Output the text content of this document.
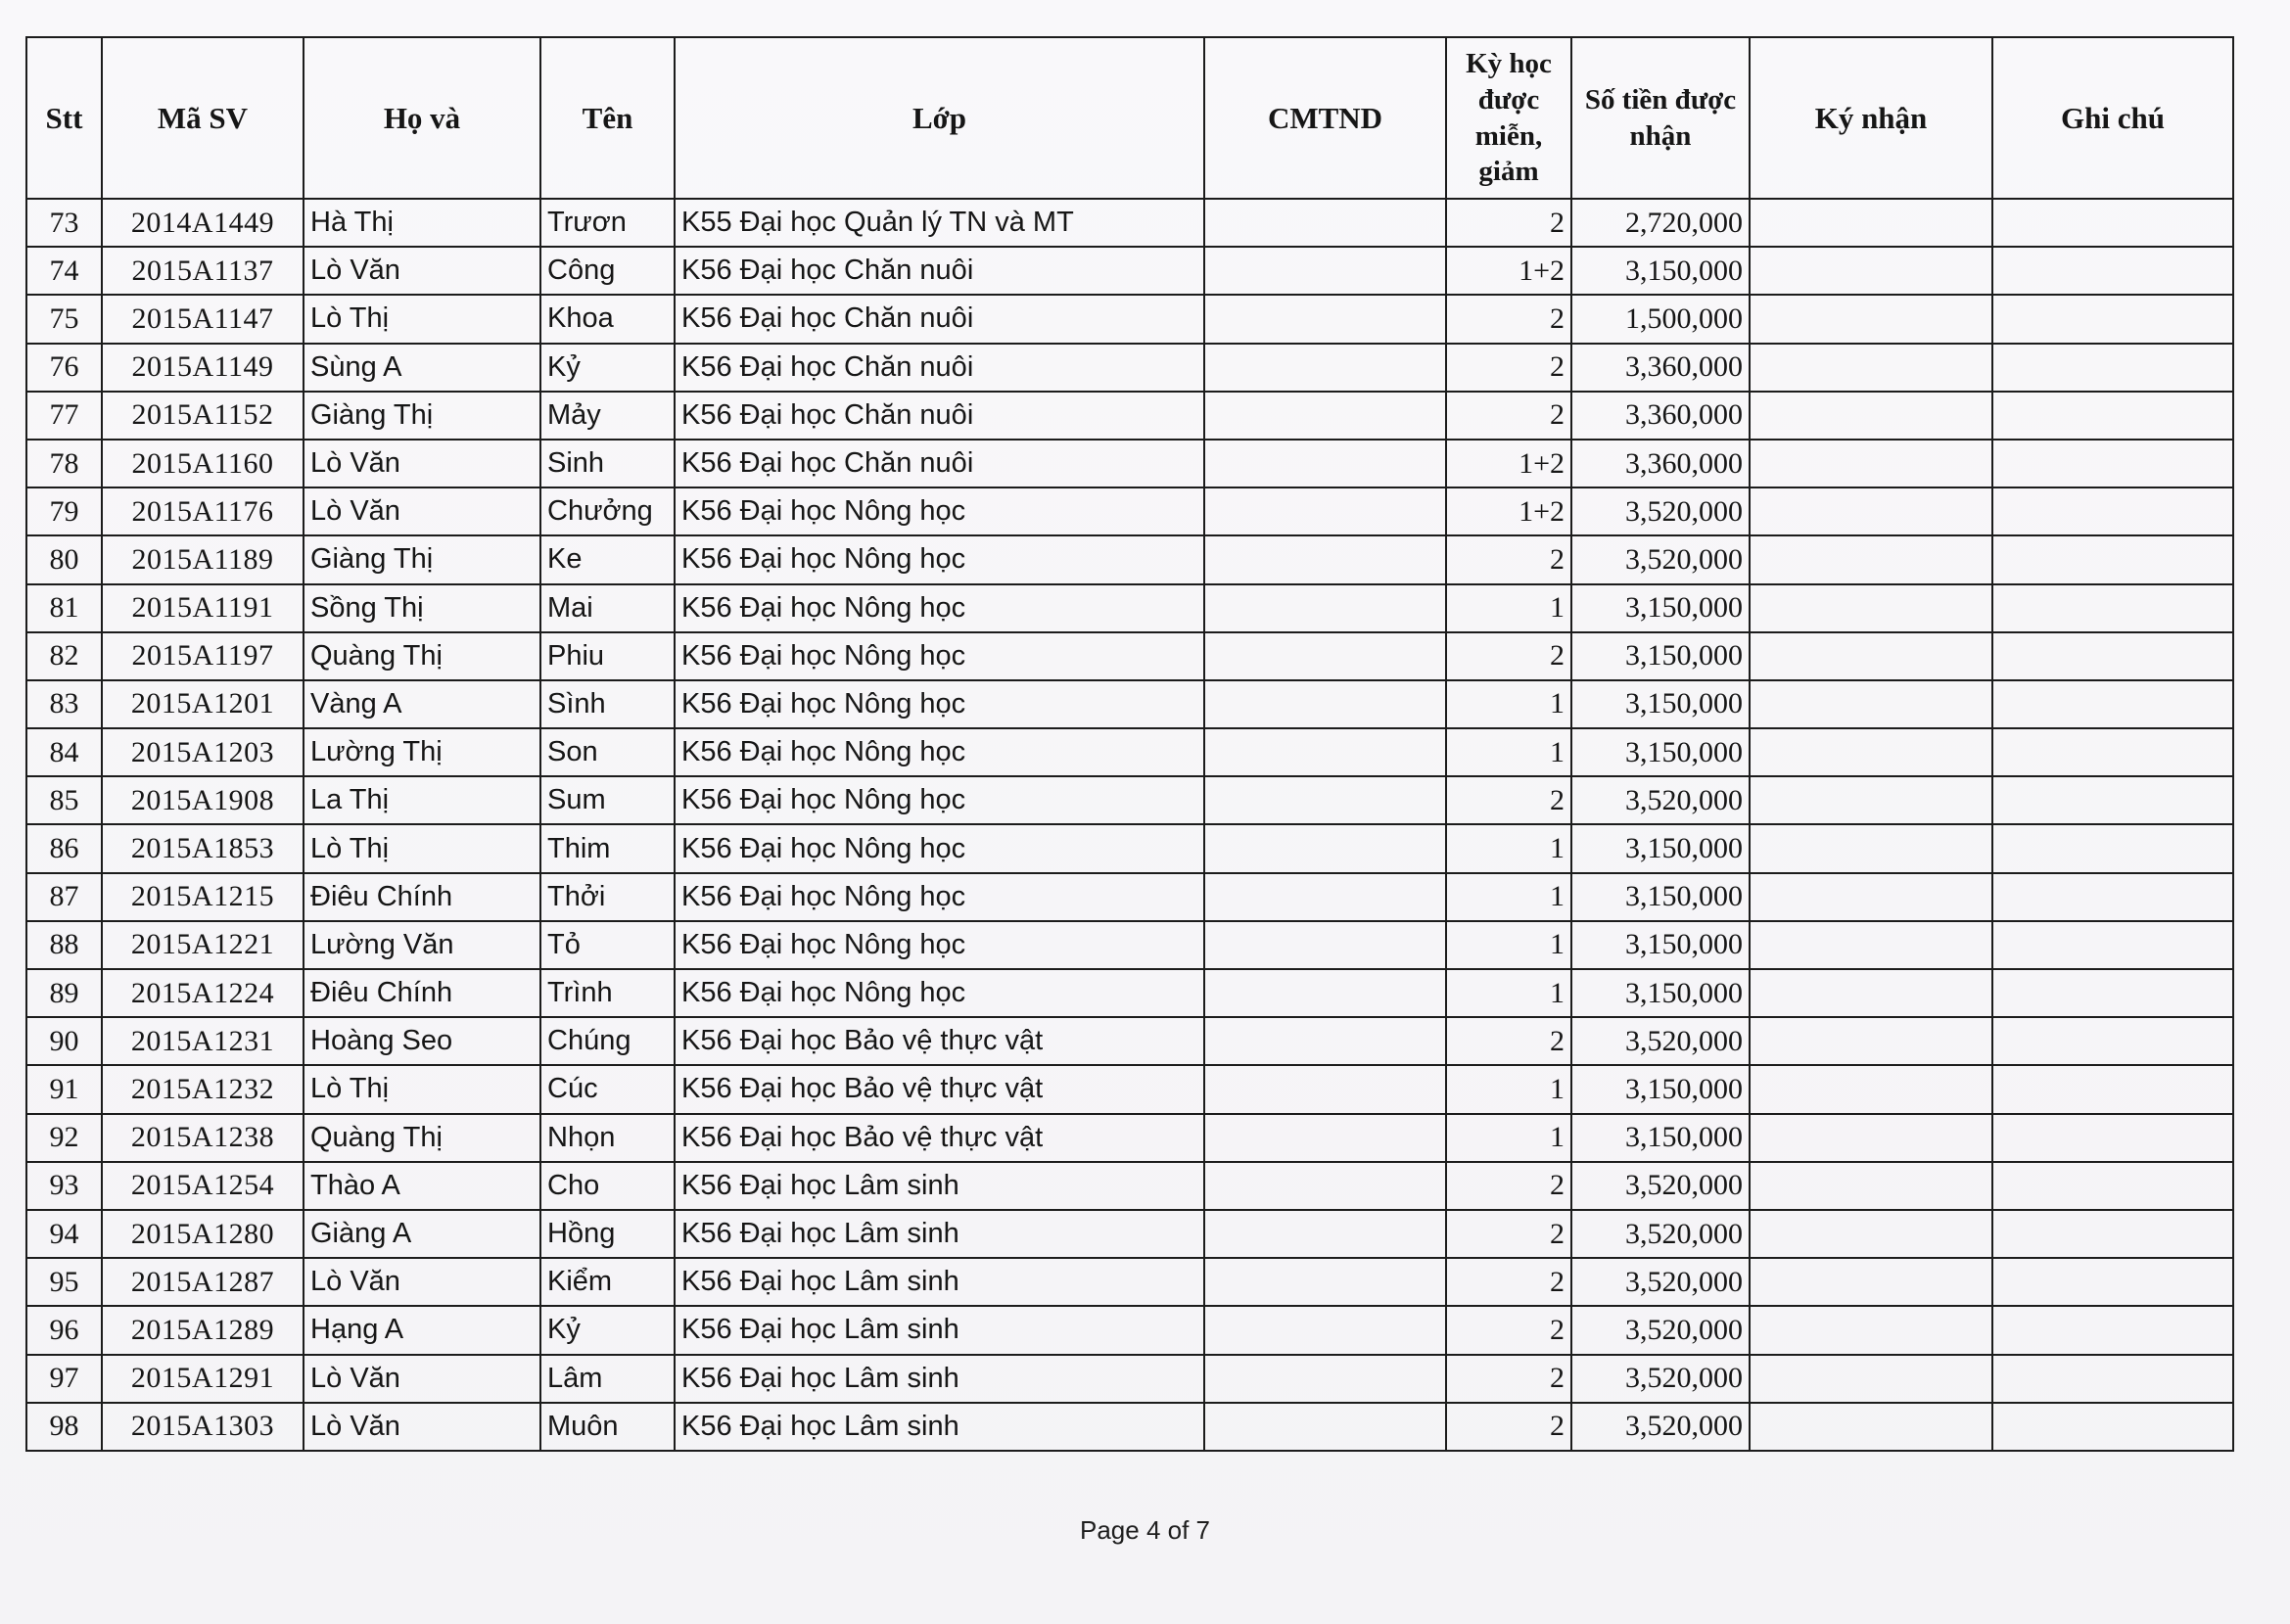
Stt	Mã SV	Họ và	Tên	Lớp	CMTND	Kỳ học được miễn, giảm	Số tiền được nhận	Ký nhận	Ghi chú
73	2014A1449	Hà Thị	Trươn	K55 Đại học Quản lý TN và MT		2	2,720,000		
74	2015A1137	Lò Văn	Công	K56 Đại học Chăn nuôi		1+2	3,150,000		
75	2015A1147	Lò Thị	Khoa	K56 Đại học Chăn nuôi		2	1,500,000		
76	2015A1149	Sùng A	Kỷ	K56 Đại học Chăn nuôi		2	3,360,000		
77	2015A1152	Giàng Thị	Mảy	K56 Đại học Chăn nuôi		2	3,360,000		
78	2015A1160	Lò Văn	Sinh	K56 Đại học Chăn nuôi		1+2	3,360,000		
79	2015A1176	Lò Văn	Chưởng	K56 Đại học Nông học		1+2	3,520,000		
80	2015A1189	Giàng Thị	Ke	K56 Đại học Nông học		2	3,520,000		
81	2015A1191	Sồng Thị	Mai	K56 Đại học Nông học		1	3,150,000		
82	2015A1197	Quàng Thị	Phiu	K56 Đại học Nông học		2	3,150,000		
83	2015A1201	Vàng A	Sình	K56 Đại học Nông học		1	3,150,000		
84	2015A1203	Lường Thị	Son	K56 Đại học Nông học		1	3,150,000		
85	2015A1908	La Thị	Sum	K56 Đại học Nông học		2	3,520,000		
86	2015A1853	Lò Thị	Thim	K56 Đại học Nông học		1	3,150,000		
87	2015A1215	Điêu Chính	Thởi	K56 Đại học Nông học		1	3,150,000		
88	2015A1221	Lường Văn	Tỏ	K56 Đại học Nông học		1	3,150,000		
89	2015A1224	Điêu Chính	Trình	K56 Đại học Nông học		1	3,150,000		
90	2015A1231	Hoàng Seo	Chúng	K56 Đại học Bảo vệ thực vật		2	3,520,000		
91	2015A1232	Lò Thị	Cúc	K56 Đại học Bảo vệ thực vật		1	3,150,000		
92	2015A1238	Quàng Thị	Nhọn	K56 Đại học Bảo vệ thực vật		1	3,150,000		
93	2015A1254	Thào A	Cho	K56 Đại học Lâm sinh		2	3,520,000		
94	2015A1280	Giàng A	Hồng	K56 Đại học Lâm sinh		2	3,520,000		
95	2015A1287	Lò Văn	Kiểm	K56 Đại học Lâm sinh		2	3,520,000		
96	2015A1289	Hạng A	Kỷ	K56 Đại học Lâm sinh		2	3,520,000		
97	2015A1291	Lò Văn	Lâm	K56 Đại học Lâm sinh		2	3,520,000		
98	2015A1303	Lò Văn	Muôn	K56 Đại học Lâm sinh		2	3,520,000		
Page 4 of 7
